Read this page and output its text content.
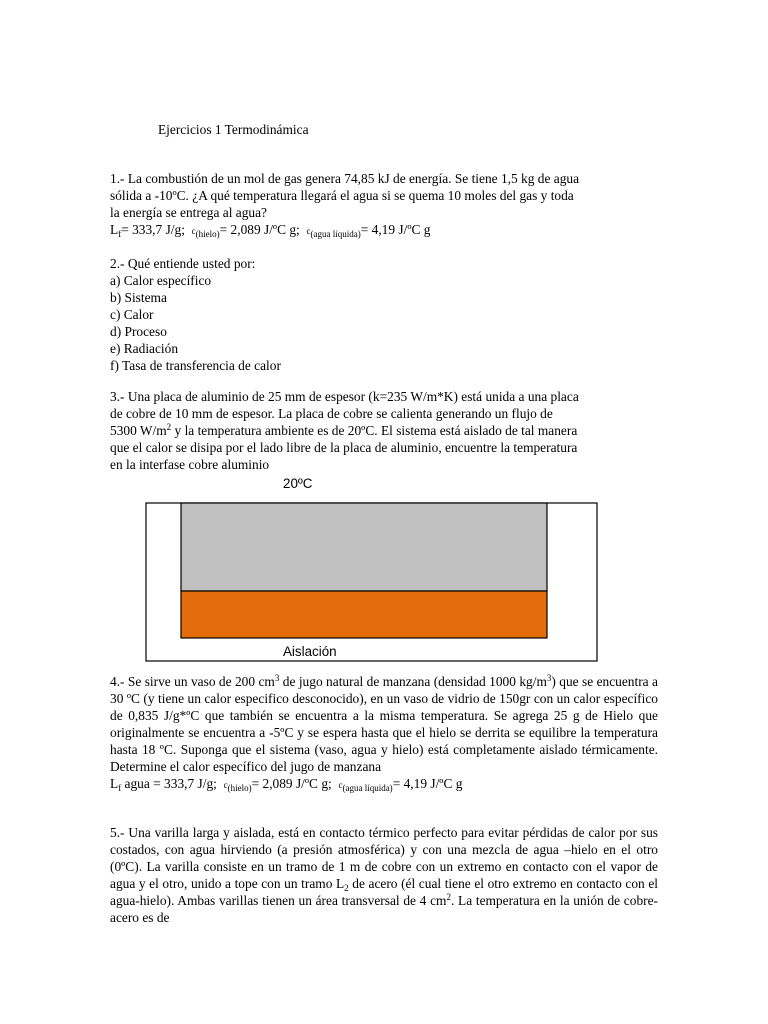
Ejercicios 1 Termodinámica

1.- La combustión de un mol de gas genera 74,85 kJ de energía. Se tiene 1,5 kg de agua

sólida a -10ºC. ¿A qué temperatura llegará el agua si se quema 10 moles del gas y toda

la energía se entrega al agua?

$L_f= 333,7$ J/g; $c_{(hielo)}= 2,089$ J/ºC g; $c_{(agua líquida)}= 4,19$ J/ºC g

2.- Qué entiende usted por:

a) Calor específico

b) Sistema

c) Calor

d) Proceso

e) Radiación

f) Tasa de transferencia de calor

3.- Una placa de aluminio de 25 mm de espesor (k=235 W/m*K) está unida a una placa

de cobre de 10 mm de espesor. La placa de cobre se calienta generando un flujo de

5300 $W/m^2$ y la temperatura ambiente es de 20ºC. El sistema está aislado de tal manera

que el calor se disipa por el lado libre de la placa de aluminio, encuentre la temperatura

en la interfase cobre aluminio

20ºC
Aislación

4.- Se sirve un vaso de 200 $cm^3$ de jugo natural de manzana (densidad 1000 $kg/m^3$) que se encuentra a 30 ºC (y tiene un calor especifico desconocido), en un vaso de vidrio de 150gr con un calor específico de 0,835 J/g*ºC que también se encuentra a la misma temperatura. Se agrega 25 g de Hielo que originalmente se encuentra a -5ºC y se espera hasta que el hielo se derrita se equilibre la temperatura hasta 18 ºC. Suponga que el sistema (vaso, agua y hielo) está completamente aislado térmicamente. Determine el calor específico del jugo de manzana

$L_f$ agua = 333,7 J/g; $c_{(hielo)}= 2,089$ J/ºC g; $c_{(agua líquida)}= 4,19$ J/ºC g

5.- Una varilla larga y aislada, está en contacto térmico perfecto para evitar pérdidas de calor por sus costados, con agua hirviendo (a presión atmosférica) y con una mezcla de agua –hielo en el otro (0ºC). La varilla consiste en un tramo de 1 m de cobre con un extremo en contacto con el vapor de agua y el otro, unido a tope con un tramo $L_2$ de acero (él cual tiene el otro extremo en contacto con el agua-hielo). Ambas varillas tienen un área transversal de 4 $cm^2$. La temperatura en la unión de cobre-acero es de
